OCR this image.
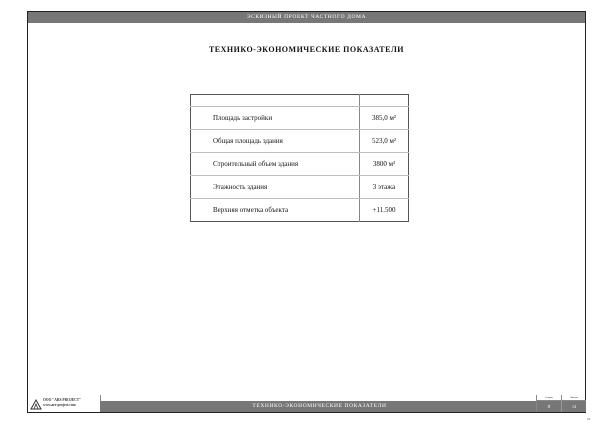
ЭСКИЗНЫЙ ПРОЕКТ ЧАСТНОГО ДОМА
ТЕХНИКО-ЭКОНОМИЧЕСКИЕ ПОКАЗАТЕЛИ

Площадь застройки	385,0 м²
Общая площадь здания	523,0 м²
Строительный объем здания	3800 м³
Этажность здания	3 этажа
Верхняя отметка объекта	+11.500
ООО "ARS PROJECT"
www.ars-project.com	ТЕХНИКО-ЭКОНОМИЧЕСКИЕ ПОКАЗАТЕЛИ
Стадия	Листов
П	14
04
